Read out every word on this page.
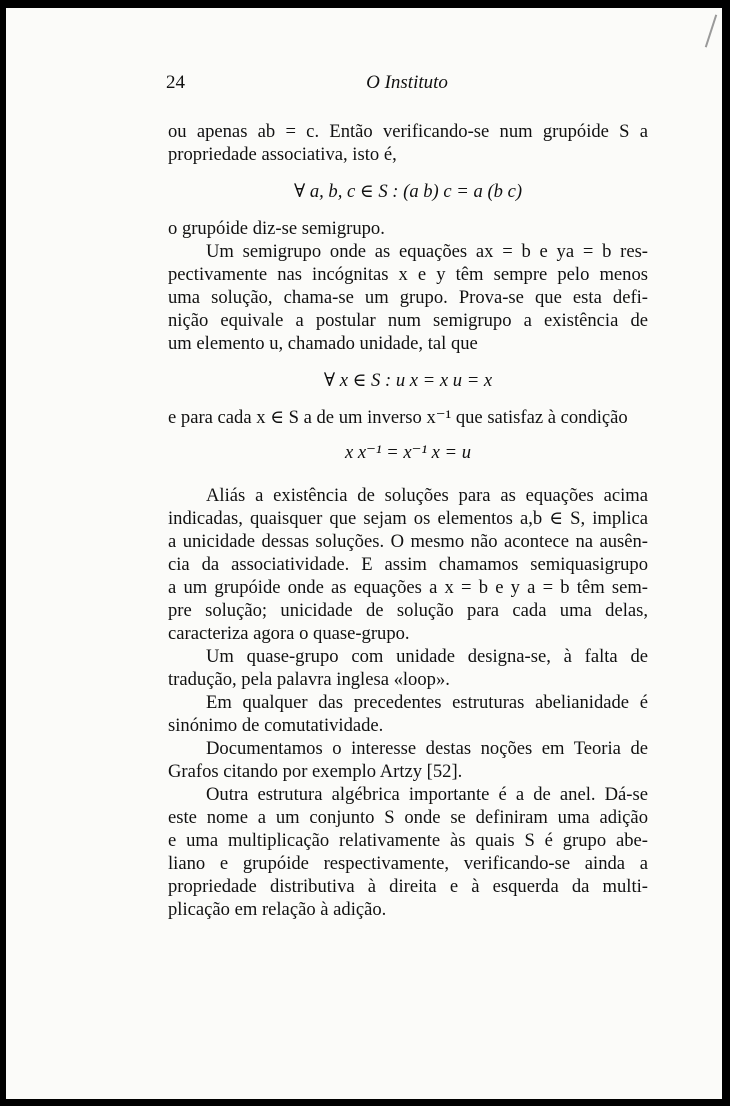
24	O Instituto
ou apenas ab = c. Então verificando-se num grupóide S a
propriedade associativa, isto é,
∀ a, b, c ∈ S : (a b) c = a (b c)
o grupóide diz-se semigrupo.
Um semigrupo onde as equações ax = b e ya = b res-
pectivamente nas incógnitas x e y têm sempre pelo menos
uma solução, chama-se um grupo. Prova-se que esta defi-
nição equivale a postular num semigrupo a existência de
um elemento u, chamado unidade, tal que
∀ x ∈ S : u x = x u = x
e para cada x ∈ S a de um inverso x⁻¹ que satisfaz à condição
x x⁻¹ = x⁻¹ x = u
Aliás a existência de soluções para as equações acima
indicadas, quaisquer que sejam os elementos a,b ∈ S, implica
a unicidade dessas soluções. O mesmo não acontece na ausên-
cia da associatividade. E assim chamamos semiquasigrupo
a um grupóide onde as equações a x = b e y a = b têm sem-
pre solução; unicidade de solução para cada uma delas,
caracteriza agora o quase-grupo.
Um quase-grupo com unidade designa-se, à falta de
tradução, pela palavra inglesa «loop».
Em qualquer das precedentes estruturas abelianidade é
sinónimo de comutatividade.
Documentamos o interesse destas noções em Teoria de
Grafos citando por exemplo Artzy [52].
Outra estrutura algébrica importante é a de anel. Dá-se
este nome a um conjunto S onde se definiram uma adição
e uma multiplicação relativamente às quais S é grupo abe-
liano e grupóide respectivamente, verificando-se ainda a
propriedade distributiva à direita e à esquerda da multi-
plicação em relação à adição.
